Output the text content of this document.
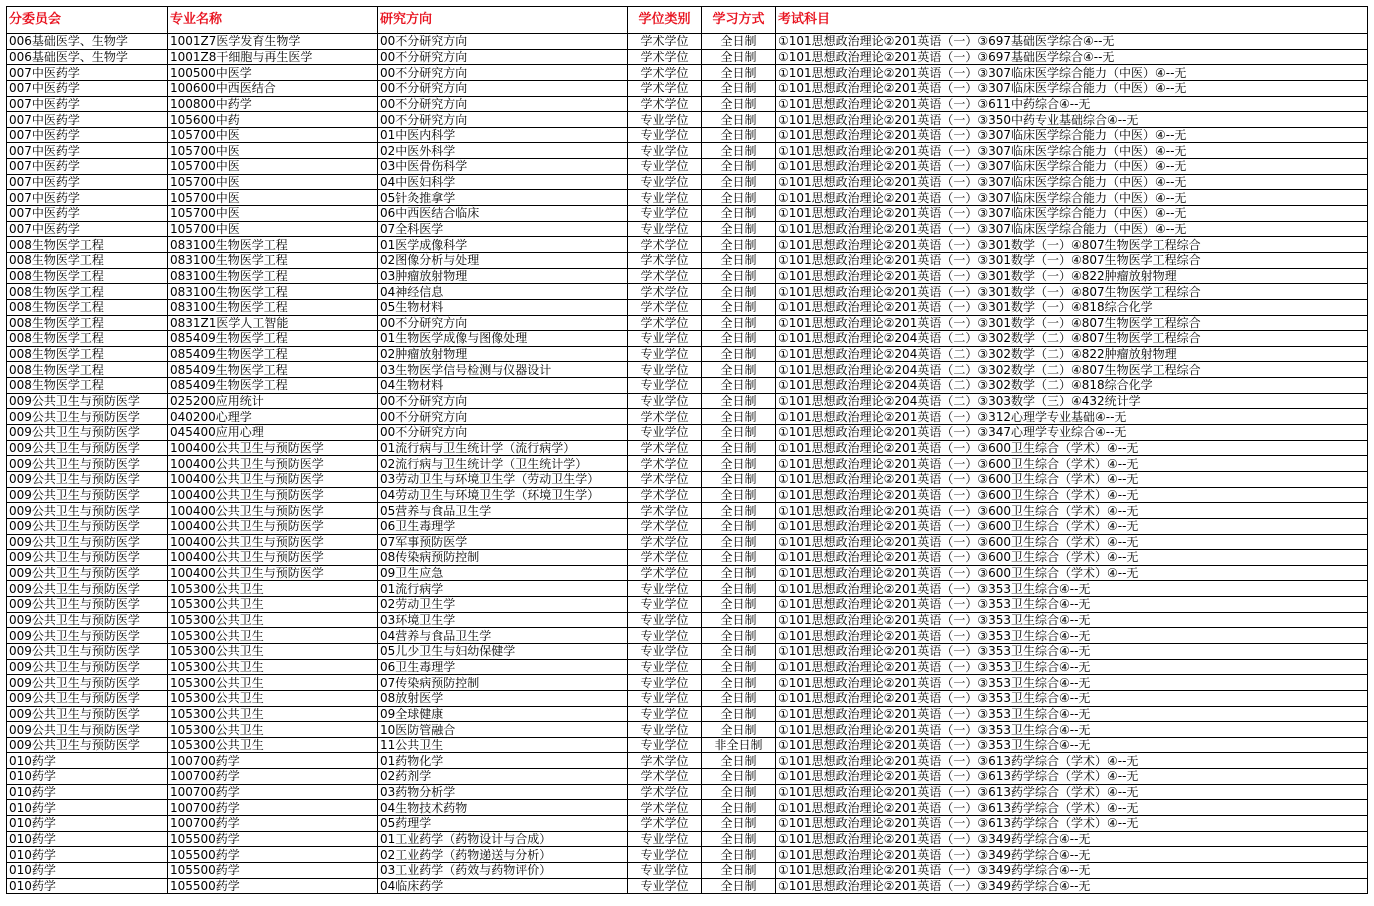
分委员会	专业名称	研究方向	学位类别	学习方式	考试科目
006基础医学、生物学	1001Z7医学发育生物学	00不分研究方向	学术学位	全日制	①101思想政治理论②201英语（一）③697基础医学综合④--无
006基础医学、生物学	1001Z8干细胞与再生医学	00不分研究方向	学术学位	全日制	①101思想政治理论②201英语（一）③697基础医学综合④--无
007中医药学	100500中医学	00不分研究方向	学术学位	全日制	①101思想政治理论②201英语（一）③307临床医学综合能力（中医）④--无
007中医药学	100600中西医结合	00不分研究方向	学术学位	全日制	①101思想政治理论②201英语（一）③307临床医学综合能力（中医）④--无
007中医药学	100800中药学	00不分研究方向	学术学位	全日制	①101思想政治理论②201英语（一）③611中药综合④--无
007中医药学	105600中药	00不分研究方向	专业学位	全日制	①101思想政治理论②201英语（一）③350中药专业基础综合④--无
007中医药学	105700中医	01中医内科学	专业学位	全日制	①101思想政治理论②201英语（一）③307临床医学综合能力（中医）④--无
007中医药学	105700中医	02中医外科学	专业学位	全日制	①101思想政治理论②201英语（一）③307临床医学综合能力（中医）④--无
007中医药学	105700中医	03中医骨伤科学	专业学位	全日制	①101思想政治理论②201英语（一）③307临床医学综合能力（中医）④--无
007中医药学	105700中医	04中医妇科学	专业学位	全日制	①101思想政治理论②201英语（一）③307临床医学综合能力（中医）④--无
007中医药学	105700中医	05针灸推拿学	专业学位	全日制	①101思想政治理论②201英语（一）③307临床医学综合能力（中医）④--无
007中医药学	105700中医	06中西医结合临床	专业学位	全日制	①101思想政治理论②201英语（一）③307临床医学综合能力（中医）④--无
007中医药学	105700中医	07全科医学	专业学位	全日制	①101思想政治理论②201英语（一）③307临床医学综合能力（中医）④--无
008生物医学工程	083100生物医学工程	01医学成像科学	学术学位	全日制	①101思想政治理论②201英语（一）③301数学（一）④807生物医学工程综合
008生物医学工程	083100生物医学工程	02图像分析与处理	学术学位	全日制	①101思想政治理论②201英语（一）③301数学（一）④807生物医学工程综合
008生物医学工程	083100生物医学工程	03肿瘤放射物理	学术学位	全日制	①101思想政治理论②201英语（一）③301数学（一）④822肿瘤放射物理
008生物医学工程	083100生物医学工程	04神经信息	学术学位	全日制	①101思想政治理论②201英语（一）③301数学（一）④807生物医学工程综合
008生物医学工程	083100生物医学工程	05生物材料	学术学位	全日制	①101思想政治理论②201英语（一）③301数学（一）④818综合化学
008生物医学工程	0831Z1医学人工智能	00不分研究方向	学术学位	全日制	①101思想政治理论②201英语（一）③301数学（一）④807生物医学工程综合
008生物医学工程	085409生物医学工程	01生物医学成像与图像处理	专业学位	全日制	①101思想政治理论②204英语（二）③302数学（二）④807生物医学工程综合
008生物医学工程	085409生物医学工程	02肿瘤放射物理	专业学位	全日制	①101思想政治理论②204英语（二）③302数学（二）④822肿瘤放射物理
008生物医学工程	085409生物医学工程	03生物医学信号检测与仪器设计	专业学位	全日制	①101思想政治理论②204英语（二）③302数学（二）④807生物医学工程综合
008生物医学工程	085409生物医学工程	04生物材料	专业学位	全日制	①101思想政治理论②204英语（二）③302数学（二）④818综合化学
009公共卫生与预防医学	025200应用统计	00不分研究方向	专业学位	全日制	①101思想政治理论②204英语（二）③303数学（三）④432统计学
009公共卫生与预防医学	040200心理学	00不分研究方向	学术学位	全日制	①101思想政治理论②201英语（一）③312心理学专业基础④--无
009公共卫生与预防医学	045400应用心理	00不分研究方向	专业学位	全日制	①101思想政治理论②201英语（一）③347心理学专业综合④--无
009公共卫生与预防医学	100400公共卫生与预防医学	01流行病与卫生统计学（流行病学）	学术学位	全日制	①101思想政治理论②201英语（一）③600卫生综合（学术）④--无
009公共卫生与预防医学	100400公共卫生与预防医学	02流行病与卫生统计学（卫生统计学）	学术学位	全日制	①101思想政治理论②201英语（一）③600卫生综合（学术）④--无
009公共卫生与预防医学	100400公共卫生与预防医学	03劳动卫生与环境卫生学（劳动卫生学）	学术学位	全日制	①101思想政治理论②201英语（一）③600卫生综合（学术）④--无
009公共卫生与预防医学	100400公共卫生与预防医学	04劳动卫生与环境卫生学（环境卫生学）	学术学位	全日制	①101思想政治理论②201英语（一）③600卫生综合（学术）④--无
009公共卫生与预防医学	100400公共卫生与预防医学	05营养与食品卫生学	学术学位	全日制	①101思想政治理论②201英语（一）③600卫生综合（学术）④--无
009公共卫生与预防医学	100400公共卫生与预防医学	06卫生毒理学	学术学位	全日制	①101思想政治理论②201英语（一）③600卫生综合（学术）④--无
009公共卫生与预防医学	100400公共卫生与预防医学	07军事预防医学	学术学位	全日制	①101思想政治理论②201英语（一）③600卫生综合（学术）④--无
009公共卫生与预防医学	100400公共卫生与预防医学	08传染病预防控制	学术学位	全日制	①101思想政治理论②201英语（一）③600卫生综合（学术）④--无
009公共卫生与预防医学	100400公共卫生与预防医学	09卫生应急	学术学位	全日制	①101思想政治理论②201英语（一）③600卫生综合（学术）④--无
009公共卫生与预防医学	105300公共卫生	01流行病学	专业学位	全日制	①101思想政治理论②201英语（一）③353卫生综合④--无
009公共卫生与预防医学	105300公共卫生	02劳动卫生学	专业学位	全日制	①101思想政治理论②201英语（一）③353卫生综合④--无
009公共卫生与预防医学	105300公共卫生	03环境卫生学	专业学位	全日制	①101思想政治理论②201英语（一）③353卫生综合④--无
009公共卫生与预防医学	105300公共卫生	04营养与食品卫生学	专业学位	全日制	①101思想政治理论②201英语（一）③353卫生综合④--无
009公共卫生与预防医学	105300公共卫生	05儿少卫生与妇幼保健学	专业学位	全日制	①101思想政治理论②201英语（一）③353卫生综合④--无
009公共卫生与预防医学	105300公共卫生	06卫生毒理学	专业学位	全日制	①101思想政治理论②201英语（一）③353卫生综合④--无
009公共卫生与预防医学	105300公共卫生	07传染病预防控制	专业学位	全日制	①101思想政治理论②201英语（一）③353卫生综合④--无
009公共卫生与预防医学	105300公共卫生	08放射医学	专业学位	全日制	①101思想政治理论②201英语（一）③353卫生综合④--无
009公共卫生与预防医学	105300公共卫生	09全球健康	专业学位	全日制	①101思想政治理论②201英语（一）③353卫生综合④--无
009公共卫生与预防医学	105300公共卫生	10医防管融合	专业学位	全日制	①101思想政治理论②201英语（一）③353卫生综合④--无
009公共卫生与预防医学	105300公共卫生	11公共卫生	专业学位	非全日制	①101思想政治理论②201英语（一）③353卫生综合④--无
010药学	100700药学	01药物化学	学术学位	全日制	①101思想政治理论②201英语（一）③613药学综合（学术）④--无
010药学	100700药学	02药剂学	学术学位	全日制	①101思想政治理论②201英语（一）③613药学综合（学术）④--无
010药学	100700药学	03药物分析学	学术学位	全日制	①101思想政治理论②201英语（一）③613药学综合（学术）④--无
010药学	100700药学	04生物技术药物	学术学位	全日制	①101思想政治理论②201英语（一）③613药学综合（学术）④--无
010药学	100700药学	05药理学	学术学位	全日制	①101思想政治理论②201英语（一）③613药学综合（学术）④--无
010药学	105500药学	01工业药学（药物设计与合成）	专业学位	全日制	①101思想政治理论②201英语（一）③349药学综合④--无
010药学	105500药学	02工业药学（药物递送与分析）	专业学位	全日制	①101思想政治理论②201英语（一）③349药学综合④--无
010药学	105500药学	03工业药学（药效与药物评价）	专业学位	全日制	①101思想政治理论②201英语（一）③349药学综合④--无
010药学	105500药学	04临床药学	专业学位	全日制	①101思想政治理论②201英语（一）③349药学综合④--无
